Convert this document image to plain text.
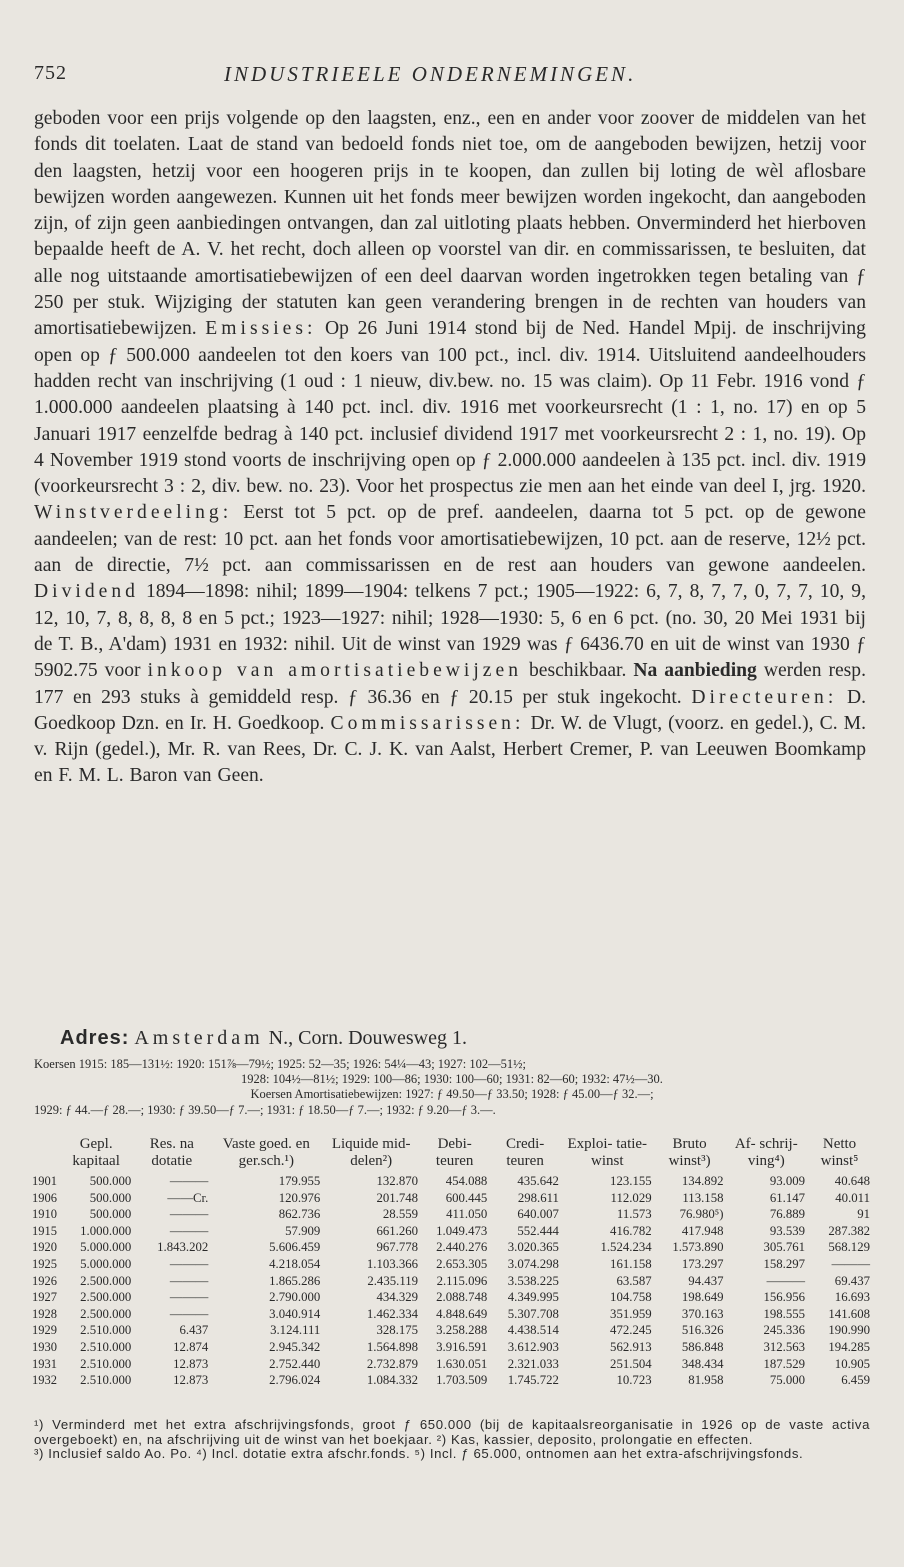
752	INDUSTRIEELE ONDERNEMINGEN.

geboden voor een prijs volgende op den laagsten, enz., een en ander voor zoover de middelen van het fonds dit toelaten. Laat de stand van bedoeld fonds niet toe, om de aangeboden bewijzen, hetzij voor den laagsten, hetzij voor een hoogeren prijs in te koopen, dan zullen bij loting de wèl aflosbare bewijzen worden aangewezen. Kunnen uit het fonds meer bewijzen worden ingekocht, dan aangeboden zijn, of zijn geen aanbiedingen ontvangen, dan zal uitloting plaats hebben. Onverminderd het hierboven bepaalde heeft de A. V. het recht, doch alleen op voorstel van dir. en commissarissen, te besluiten, dat alle nog uitstaande amortisatiebewijzen of een deel daarvan worden ingetrokken tegen betaling van ƒ 250 per stuk. Wijziging der statuten kan geen verandering brengen in de rechten van houders van amortisatiebewijzen. Emissies: Op 26 Juni 1914 stond bij de Ned. Handel Mpij. de inschrijving open op ƒ 500.000 aandeelen tot den koers van 100 pct., incl. div. 1914. Uitsluitend aandeelhouders hadden recht van inschrijving (1 oud : 1 nieuw, div.bew. no. 15 was claim). Op 11 Febr. 1916 vond ƒ 1.000.000 aandeelen plaatsing à 140 pct. incl. div. 1916 met voorkeursrecht (1 : 1, no. 17) en op 5 Januari 1917 eenzelfde bedrag à 140 pct. inclusief dividend 1917 met voorkeursrecht 2 : 1, no. 19). Op 4 November 1919 stond voorts de inschrijving open op ƒ 2.000.000 aandeelen à 135 pct. incl. div. 1919 (voorkeursrecht 3 : 2, div. bew. no. 23). Voor het prospectus zie men aan het einde van deel I, jrg. 1920. Winstverdeeling: Eerst tot 5 pct. op de pref. aandeelen, daarna tot 5 pct. op de gewone aandeelen; van de rest: 10 pct. aan het fonds voor amortisatiebewijzen, 10 pct. aan de reserve, 12½ pct. aan de directie, 7½ pct. aan commissarissen en de rest aan houders van gewone aandeelen. Dividend 1894—1898: nihil; 1899—1904: telkens 7 pct.; 1905—1922: 6, 7, 8, 7, 7, 0, 7, 7, 10, 9, 12, 10, 7, 8, 8, 8, 8 en 5 pct.; 1923—1927: nihil; 1928—1930: 5, 6 en 6 pct. (no. 30, 20 Mei 1931 bij de T. B., A'dam) 1931 en 1932: nihil. Uit de winst van 1929 was ƒ 6436.70 en uit de winst van 1930 ƒ 5902.75 voor inkoop van amortisatiebewijzen beschikbaar. Na aanbieding werden resp. 177 en 293 stuks à gemiddeld resp. ƒ 36.36 en ƒ 20.15 per stuk ingekocht. Directeuren: D. Goedkoop Dzn. en Ir. H. Goedkoop. Commissarissen: Dr. W. de Vlugt, (voorz. en gedel.), C. M. v. Rijn (gedel.), Mr. R. van Rees, Dr. C. J. K. van Aalst, Herbert Cremer, P. van Leeuwen Boomkamp en F. M. L. Baron van Geen.

Adres: Amsterdam N., Corn. Douwesweg 1.
Koersen 1915: 185—131½: 1920: 151⅞—79½; 1925: 52—35; 1926: 54¼—43; 1927: 102—51½;
1928: 104½—81½; 1929: 100—86; 1930: 100—60; 1931: 82—60; 1932: 47½—30.
Koersen Amortisatiebewijzen: 1927: ƒ 49.50—ƒ 33.50; 1928: ƒ 45.00—ƒ 32.—;
1929: ƒ 44.—ƒ 28.—; 1930: ƒ 39.50—ƒ 7.—; 1931: ƒ 18.50—ƒ 7.—; 1932: ƒ 9.20—ƒ 3.—.
	Gepl. kapitaal	Res. na dotatie	Vaste goed. en ger.sch.¹)	Liquide mid- delen²)	Debi- teuren	Credi- teuren	Exploi- tatie- winst	Bruto winst³)	Af- schrij- ving⁴)	Netto winst⁵
1901	500.000	———	179.955	132.870	454.088	435.642	123.155	134.892	93.009	40.648
1906	500.000	——Cr.	120.976	201.748	600.445	298.611	112.029	113.158	61.147	40.011
1910	500.000	———	862.736	28.559	411.050	640.007	11.573	76.980⁵)	76.889	91
1915	1.000.000	———	57.909	661.260	1.049.473	552.444	416.782	417.948	93.539	287.382
1920	5.000.000	1.843.202	5.606.459	967.778	2.440.276	3.020.365	1.524.234	1.573.890	305.761	568.129
1925	5.000.000	———	4.218.054	1.103.366	2.653.305	3.074.298	161.158	173.297	158.297	———
1926	2.500.000	———	1.865.286	2.435.119	2.115.096	3.538.225	63.587	94.437	———	69.437
1927	2.500.000	———	2.790.000	434.329	2.088.748	4.349.995	104.758	198.649	156.956	16.693
1928	2.500.000	———	3.040.914	1.462.334	4.848.649	5.307.708	351.959	370.163	198.555	141.608
1929	2.510.000	6.437	3.124.111	328.175	3.258.288	4.438.514	472.245	516.326	245.336	190.990
1930	2.510.000	12.874	2.945.342	1.564.898	3.916.591	3.612.903	562.913	586.848	312.563	194.285
1931	2.510.000	12.873	2.752.440	2.732.879	1.630.051	2.321.033	251.504	348.434	187.529	10.905
1932	2.510.000	12.873	2.796.024	1.084.332	1.703.509	1.745.722	10.723	81.958	75.000	6.459

¹) Verminderd met het extra afschrijvingsfonds, groot ƒ 650.000 (bij de kapitaalsreorganisatie in 1926 op de vaste activa overgeboekt) en, na afschrijving uit de winst van het boekjaar. ²) Kas, kassier, deposito, prolongatie en effecten.

³) Inclusief saldo Ao. Po. ⁴) Incl. dotatie extra afschr.fonds. ⁵) Incl. ƒ 65.000, ontnomen aan het extra-afschrijvingsfonds.
